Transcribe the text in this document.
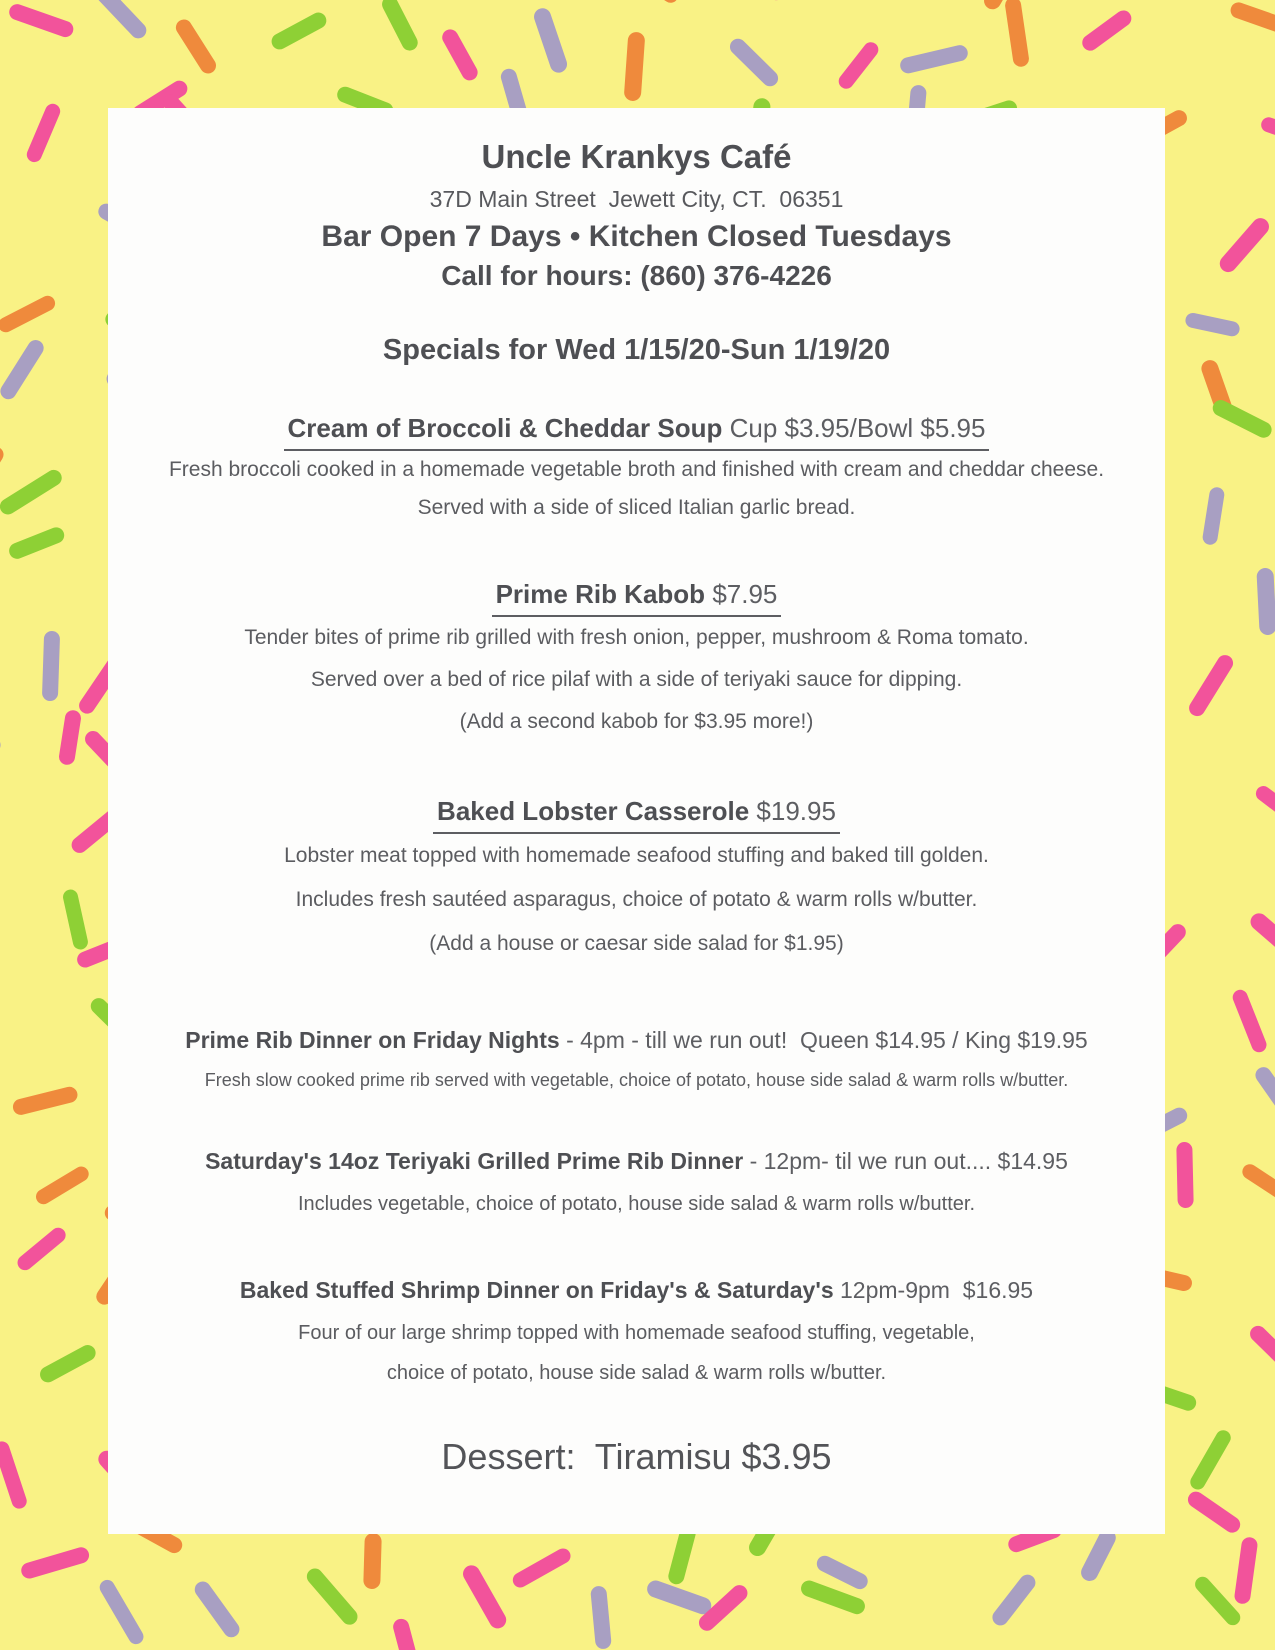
Uncle Krankys Café
37D Main Street  Jewett City, CT.  06351
Bar Open 7 Days • Kitchen Closed Tuesdays
Call for hours: (860) 376-4226
Specials for Wed 1/15/20-Sun 1/19/20
Cream of Broccoli & Cheddar Soup Cup $3.95/Bowl $5.95
Fresh broccoli cooked in a homemade vegetable broth and finished with cream and cheddar cheese.
Served with a side of sliced Italian garlic bread.
Prime Rib Kabob $7.95
Tender bites of prime rib grilled with fresh onion, pepper, mushroom & Roma tomato.
Served over a bed of rice pilaf with a side of teriyaki sauce for dipping.
(Add a second kabob for $3.95 more!)
Baked Lobster Casserole $19.95
Lobster meat topped with homemade seafood stuffing and baked till golden.
Includes fresh sautéed asparagus, choice of potato & warm rolls w/butter.
(Add a house or caesar side salad for $1.95)
Prime Rib Dinner on Friday Nights - 4pm - till we run out!  Queen $14.95 / King $19.95
Fresh slow cooked prime rib served with vegetable, choice of potato, house side salad & warm rolls w/butter.
Saturday's 14oz Teriyaki Grilled Prime Rib Dinner - 12pm- til we run out.... $14.95
Includes vegetable, choice of potato, house side salad & warm rolls w/butter.
Baked Stuffed Shrimp Dinner on Friday's & Saturday's 12pm-9pm  $16.95
Four of our large shrimp topped with homemade seafood stuffing, vegetable,
choice of potato, house side salad & warm rolls w/butter.
Dessert:  Tiramisu $3.95
